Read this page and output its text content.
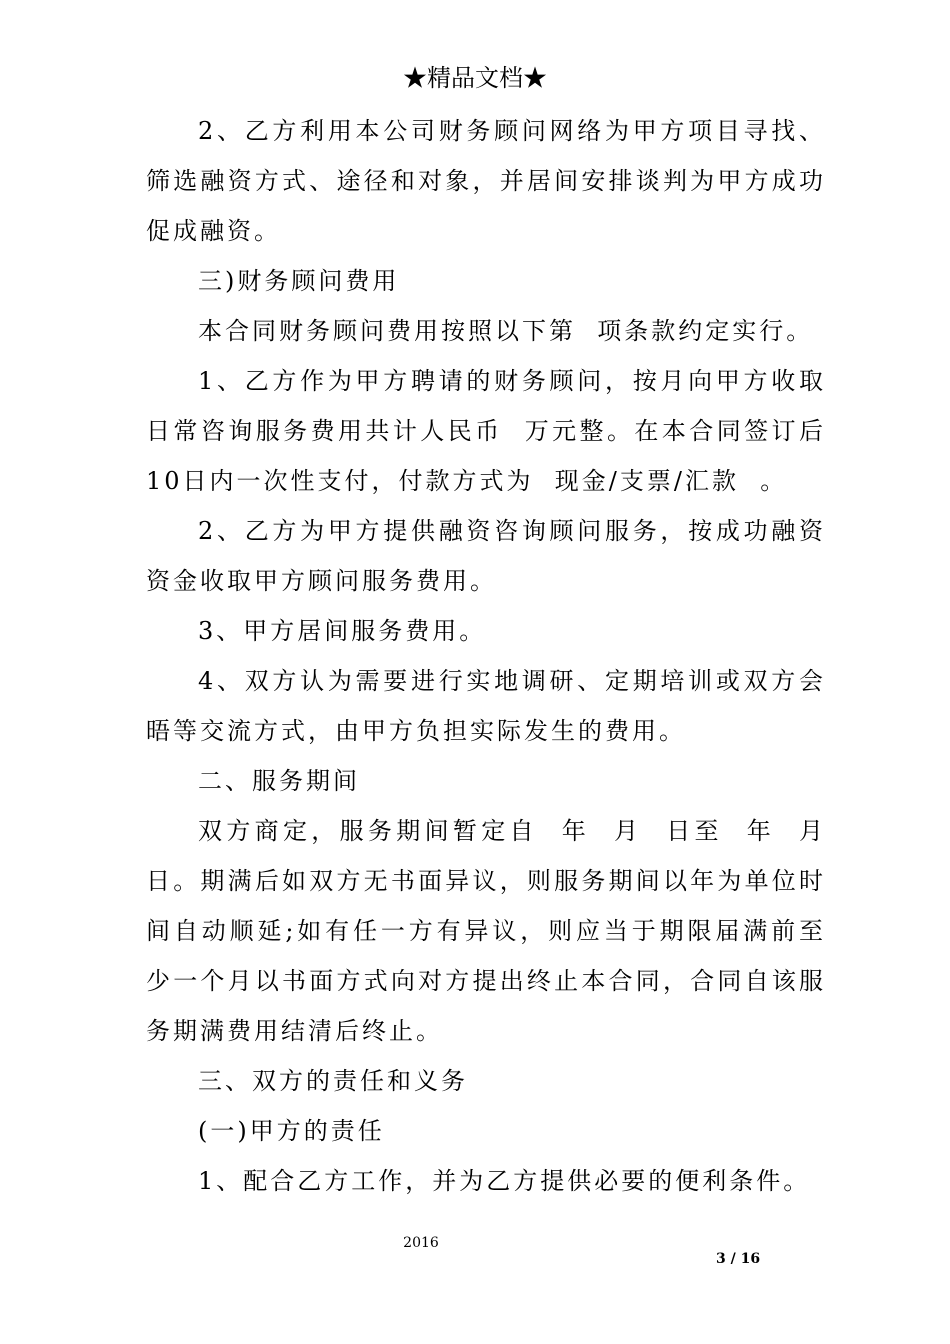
★精品文档★

2、乙方利用本公司财务顾问网络为甲方项目寻找、筛选融资方式、途径和对象，并居间安排谈判为甲方成功促成融资。

三)财务顾问费用

本合同财务顾问费用按照以下第  项条款约定实行。

1、乙方作为甲方聘请的财务顾问，按月向甲方收取日常咨询服务费用共计人民币  万元整。在本合同签订后10日内一次性支付，付款方式为  现金/支票/汇款  。

2、乙方为甲方提供融资咨询顾问服务，按成功融资资金收取甲方顾问服务费用。

3、甲方居间服务费用。

4、双方认为需要进行实地调研、定期培训或双方会晤等交流方式，由甲方负担实际发生的费用。

二、服务期间

双方商定，服务期间暂定自  年  月  日至  年  月  日。期满后如双方无书面异议，则服务期间以年为单位时间自动顺延;如有任一方有异议，则应当于期限届满前至少一个月以书面方式向对方提出终止本合同，合同自该服务期满费用结清后终止。

三、双方的责任和义务

(一)甲方的责任

1、配合乙方工作，并为乙方提供必要的便利条件。

2016
3 / 16
